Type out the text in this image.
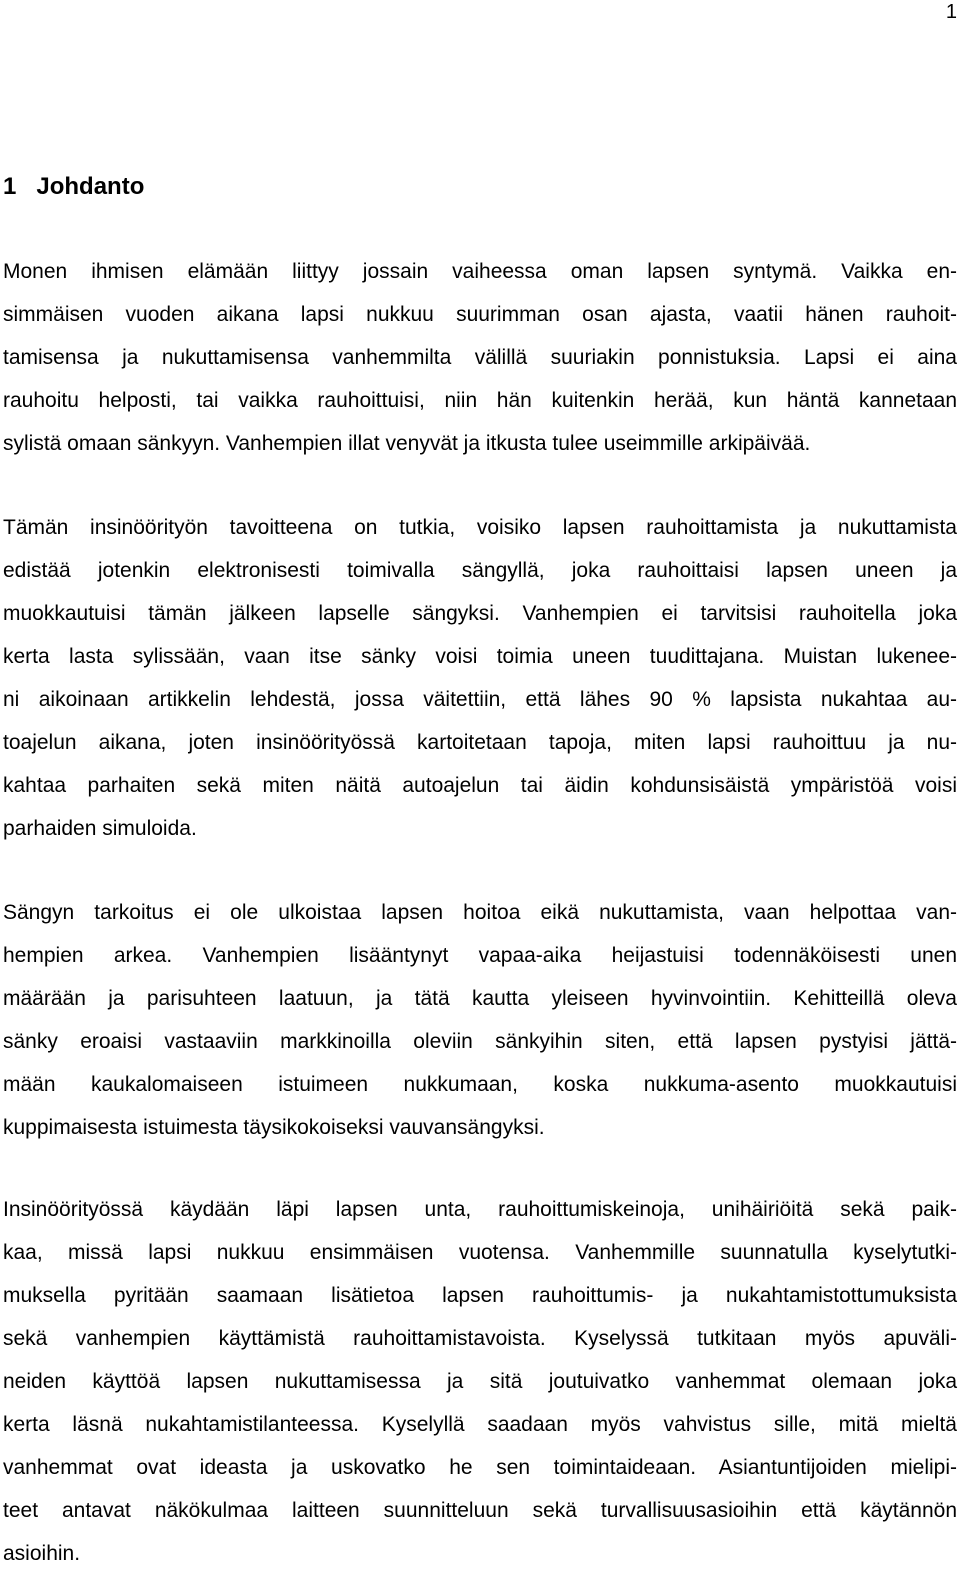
1
1 Johdanto
Monen ihmisen elämään liittyy jossain vaiheessa oman lapsen syntymä. Vaikka en-
simmäisen vuoden aikana lapsi nukkuu suurimman osan ajasta, vaatii hänen rauhoit-
tamisensa ja nukuttamisensa vanhemmilta välillä suuriakin ponnistuksia. Lapsi ei aina
rauhoitu helposti, tai vaikka rauhoittuisi, niin hän kuitenkin herää, kun häntä kannetaan
sylistä omaan sänkyyn. Vanhempien illat venyvät ja itkusta tulee useimmille arkipäivää.
Tämän insinöörityön tavoitteena on tutkia, voisiko lapsen rauhoittamista ja nukuttamista
edistää jotenkin elektronisesti toimivalla sängyllä, joka rauhoittaisi lapsen uneen ja
muokkautuisi tämän jälkeen lapselle sängyksi. Vanhempien ei tarvitsisi rauhoitella joka
kerta lasta sylissään, vaan itse sänky voisi toimia uneen tuudittajana. Muistan lukenee-
ni aikoinaan artikkelin lehdestä, jossa väitettiin, että lähes 90 % lapsista nukahtaa au-
toajelun aikana, joten insinöörityössä kartoitetaan tapoja, miten lapsi rauhoittuu ja nu-
kahtaa parhaiten sekä miten näitä autoajelun tai äidin kohdunsisäistä ympäristöä voisi
parhaiden simuloida.
Sängyn tarkoitus ei ole ulkoistaa lapsen hoitoa eikä nukuttamista, vaan helpottaa van-
hempien arkea. Vanhempien lisääntynyt vapaa-aika heijastuisi todennäköisesti unen
määrään ja parisuhteen laatuun, ja tätä kautta yleiseen hyvinvointiin. Kehitteillä oleva
sänky eroaisi vastaaviin markkinoilla oleviin sänkyihin siten, että lapsen pystyisi jättä-
mään kaukalomaiseen istuimeen nukkumaan, koska nukkuma-asento muokkautuisi
kuppimaisesta istuimesta täysikokoiseksi vauvansängyksi.
Insinöörityössä käydään läpi lapsen unta, rauhoittumiskeinoja, unihäiriöitä sekä paik-
kaa, missä lapsi nukkuu ensimmäisen vuotensa. Vanhemmille suunnatulla kyselytutki-
muksella pyritään saamaan lisätietoa lapsen rauhoittumis- ja nukahtamistottumuksista
sekä vanhempien käyttämistä rauhoittamistavoista. Kyselyssä tutkitaan myös apuväli-
neiden käyttöä lapsen nukuttamisessa ja sitä joutuivatko vanhemmat olemaan joka
kerta läsnä nukahtamistilanteessa. Kyselyllä saadaan myös vahvistus sille, mitä mieltä
vanhemmat ovat ideasta ja uskovatko he sen toimintaideaan. Asiantuntijoiden mielipi-
teet antavat näkökulmaa laitteen suunnitteluun sekä turvallisuusasioihin että käytännön
asioihin.
